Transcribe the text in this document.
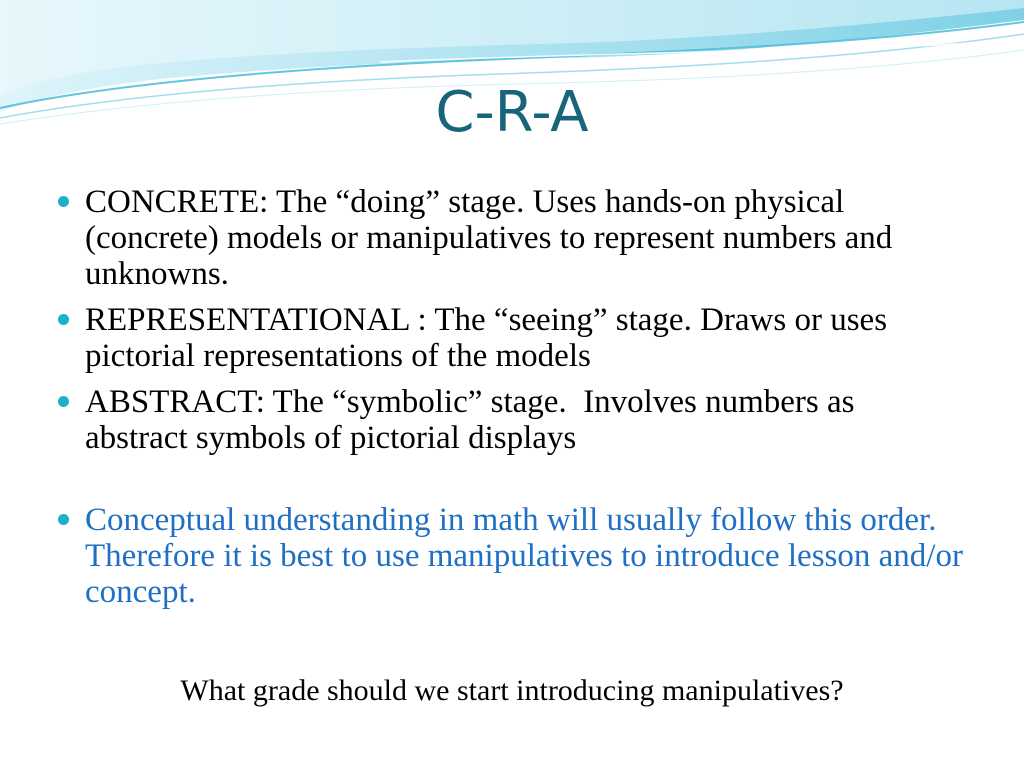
C-R-A
CONCRETE: The “doing” stage. Uses hands-on physical (concrete) models or manipulatives to represent numbers and unknowns.
REPRESENTATIONAL : The “seeing” stage. Draws or uses pictorial representations of the models
ABSTRACT: The “symbolic” stage.  Involves numbers as abstract symbols of pictorial displays
Conceptual understanding in math will usually follow this order.   Therefore it is best to use manipulatives to introduce lesson and/or concept.

What grade should we start introducing manipulatives?
